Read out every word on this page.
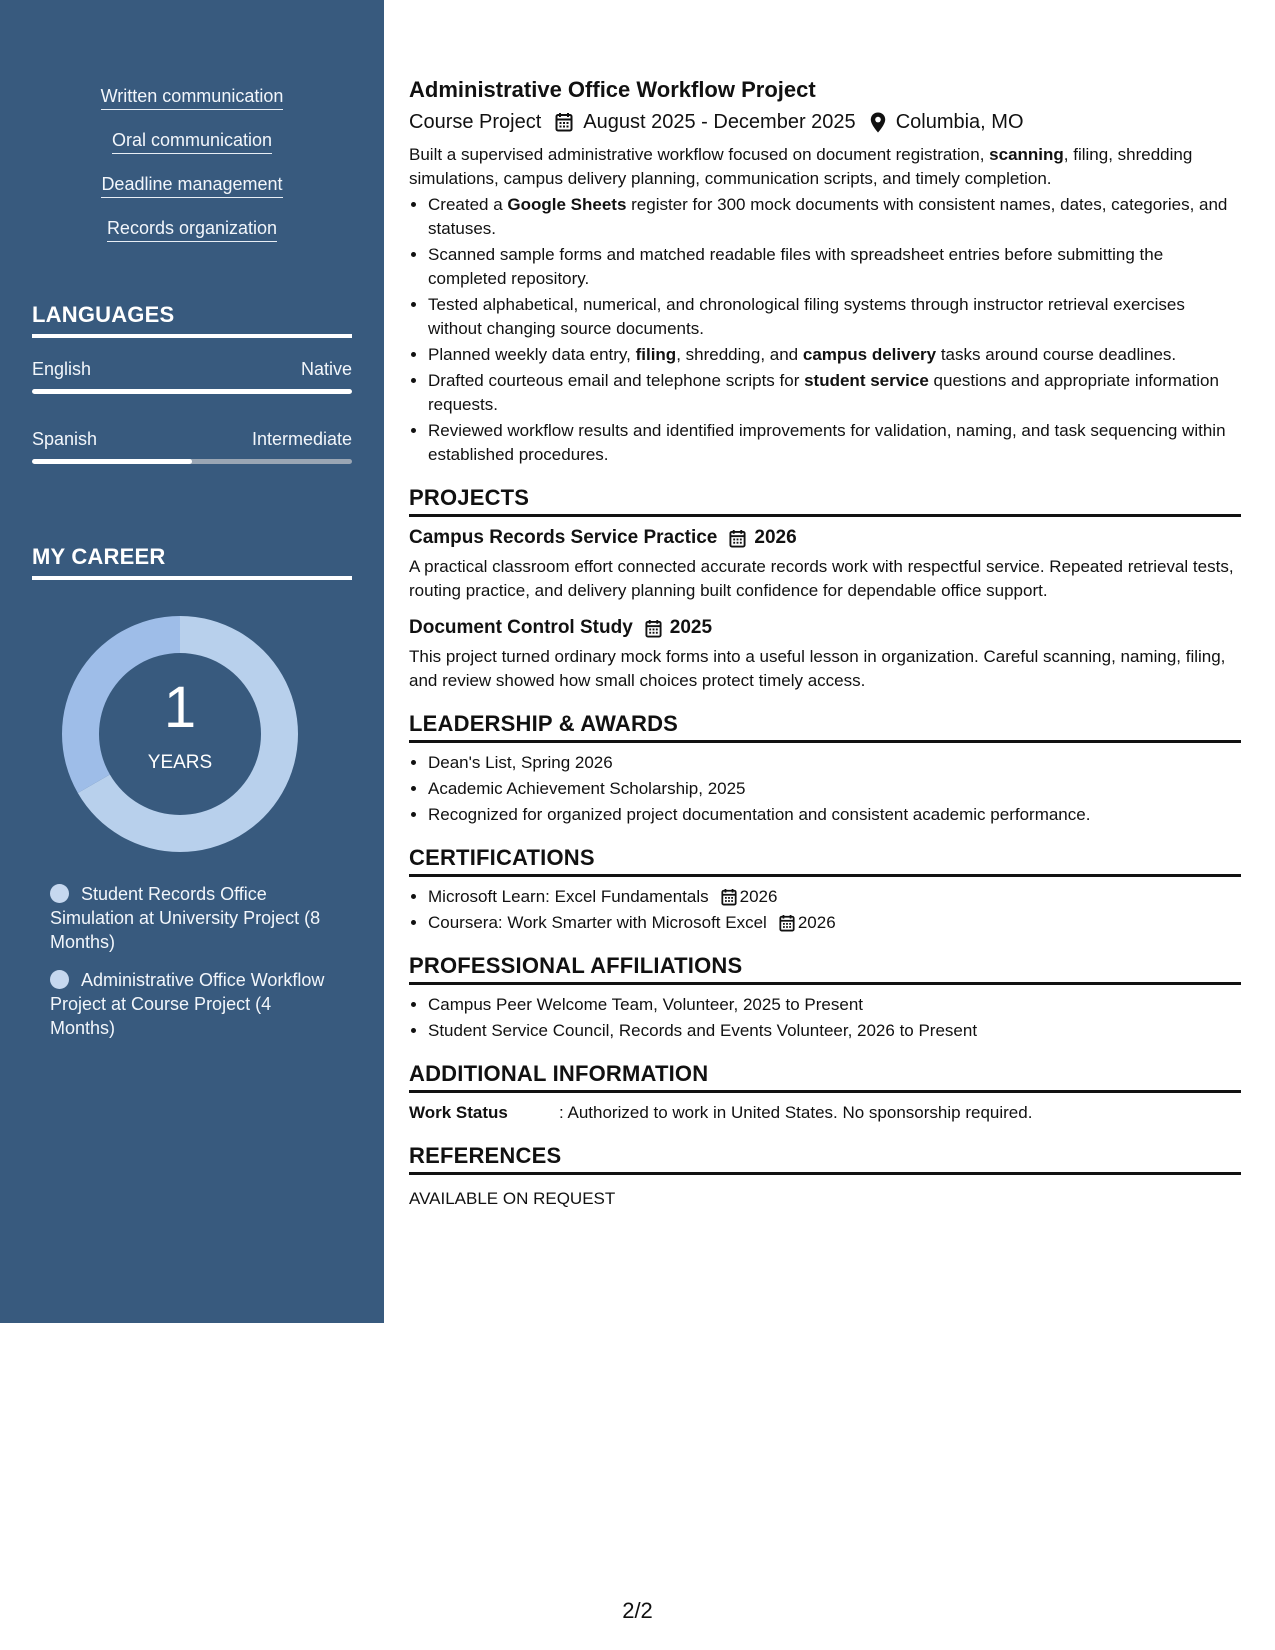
Written communication
Oral communication
Deadline management
Records organization
LANGUAGES
English	Native
Spanish	Intermediate
MY CAREER
1
YEARS
Student Records Office Simulation at University Project (8 Months)
Administrative Office Workflow Project at Course Project (4 Months)
Administrative Office Workflow Project
Course Project August 2025 - December 2025 Columbia, MO

Built a supervised administrative workflow focused on document registration, scanning, filing, shredding simulations, campus delivery planning, communication scripts, and timely completion.

• Created a Google Sheets register for 300 mock documents with consistent names, dates, categories, and statuses.
• Scanned sample forms and matched readable files with spreadsheet entries before submitting the completed repository.
• Tested alphabetical, numerical, and chronological filing systems through instructor retrieval exercises without changing source documents.
• Planned weekly data entry, filing, shredding, and campus delivery tasks around course deadlines.
• Drafted courteous email and telephone scripts for student service questions and appropriate information requests.
• Reviewed workflow results and identified improvements for validation, naming, and task sequencing within established procedures.
PROJECTS
Campus Records Service Practice 2026
A practical classroom effort connected accurate records work with respectful service. Repeated retrieval tests, routing practice, and delivery planning built confidence for dependable office support.
Document Control Study 2025
This project turned ordinary mock forms into a useful lesson in organization. Careful scanning, naming, filing, and review showed how small choices protect timely access.
LEADERSHIP & AWARDS
• Dean's List, Spring 2026
• Academic Achievement Scholarship, 2025
• Recognized for organized project documentation and consistent academic performance.
CERTIFICATIONS
• Microsoft Learn: Excel Fundamentals 2026
• Coursera: Work Smarter with Microsoft Excel 2026
PROFESSIONAL AFFILIATIONS
• Campus Peer Welcome Team, Volunteer, 2025 to Present
• Student Service Council, Records and Events Volunteer, 2026 to Present
ADDITIONAL INFORMATION
Work Status	: Authorized to work in United States. No sponsorship required.
REFERENCES
AVAILABLE ON REQUEST
2/2
